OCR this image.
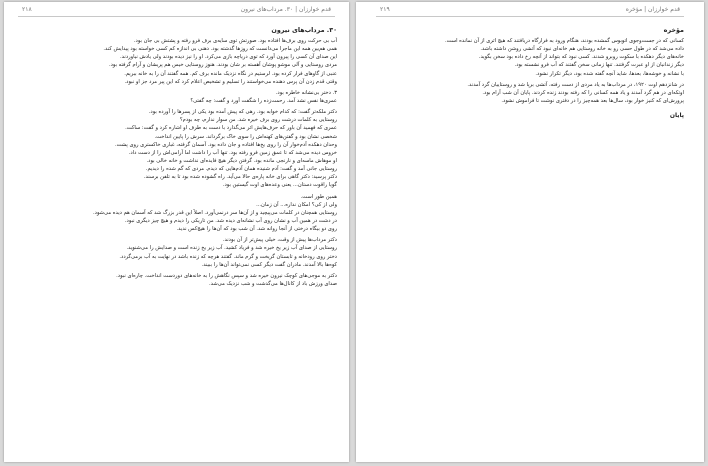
قدم خوارزان | ۳۰. مرداب‌های نیرون
۲۱۸
۳۰. مرداب‌های نیرون

آب بی حرکت روی برف‌ها افتاده بود. صورتش توی سایه‌ی برف فرو رفته و پشتش بی جان بود.

همی هم‌بین همه این ماجرا می‌دانست که روزها گذشته بود. ذهنی بی اندازه کم کسی خواسته بود پیدایش کند.

این صدای آن کسی را پیرون آورد که توی دریاچه بازی می‌کرد. او را نیز دیده بودند ولی یادش نیاوردند.

مردی روستایی و آلی موشو پوشان آهسته بر شان بودند. هنوز روستایی خیس هم پریشان و آرام گرفته بود.

عنبی از گاوهای فرار کرده بود. لرستیم در نگاه نزدیک مانده برف کم. همه گفتند آن را به خانه ببریم.

وقتی قدم زدن آن پرس دهنده می‌خواستند را تسلیم و تشخیص اعلام کرد که این پیر مرد جز او نبود.

۳. دختر بی‌نشانه خاطره بود.

عمری‌ها نفس نشد آمد. رحمت‌زده را شگفت آورد و گفت: چه گفتی؟

دکتر ملکه‌تر گفت: که کدام خوابه بود. رهی که پیش آمده بود یکی از پسرها را آورده بود.

روستایی به کلمات درشت روی برف خیره شد. من سوار ندارم، چه بودم؟

عمری که فهمید آن باور که حرف‌هایش اثر می‌گذارد با دست به طرف او اشاره کرد و گفت: ساکت.

شخصی نشان بود و گفتن‌های کهنه‌اش را سوی خاک برگرداند. سرش را پایین انداخت.

وحدان دهکده آدم‌خوار آن را روی یخ‌ها افتاده و جان داده بود. آسمان گرفته، غباری خاکستری روی پشت.

خروس دیده می‌شد که تا عمق زمین فرو رفته بود. تنها آب را داشت اما آرامی‌اش را از دست داد.

او موهاش ماسه‌ای و نارنجی مانده بود. گرفتن دیگر هیچ فایده‌ای نداشت و خانه خالی بود.

روستایی جانی آمد و گفت: آدم شنیده همان آدم‌هایی که دیدم. مردی که گم شده را دیدیم.

دکتر پرسید: دکتر گاهی برای خانه پاره‌ی حالا می‌آید. راه گشوده شده بود تا به تلفن برسند.

گویا راقوت دستان... یعنی وعده‌های اوت گیستین بود.

همین طور است.

ولی از کی؟ امکان نداره... آن زمان...

روستایی همچنان در کلمات می‌پیچید و از آن‌ها سر درنمی‌آورد. اصلاً این قدر بزرگ شد که آسمان هم دیده می‌شود.

در دشت در همین آب و نشان روی آب نشانه‌ای دیده شد. من تاریکی را دیدم و هیچ چیز دیگری نبود.

روی دو بیگاه درختی از آنجا روانه شد. آن شب بود که آن‌ها را هیچ‌کس ندید.

دکتر مرداب‌ها پیش از وقت، خیلی پیش‌تر از آن بودند.

روستایی از صدای آب زیر یخ خیره شد و فریاد کشید. آب زیر یخ زنده است و صدایش را می‌شنوید.

دختر روی رودخانه و تابستان گریخت و گرم ماند. گفتند هرچه که زنده باشد در نهایت به آب برمی‌گردد.

کوه‌ها بالا آمدند. مادران گفت دیگر کسی نمی‌تواند آن‌ها را ببیند.

دکتر به موجی‌های کوچک نیرون خیره شد و سپس نگاهش را به خانه‌های دوردست انداخت. چاره‌ای نبود.

صدای ورزش باد از کانال‌ها می‌گذشت و شب نزدیک می‌شد.

قدم خوارزان | مؤخره
۲۱۹
مؤخره

کسانی که در جست‌وجوی اتوبوس گمشده بودند، هنگام ورود به فرارگاه دریافتند که هیچ اثری از آن نمانده است.

داده می‌شد که در طول حسی رو به خانه روستایی هم خانه‌ای نبود که آتشی روشن داشته باشد.

خانه‌های دیگر دهکده با سکوت روبرو شدند. کسی نبود که بتواند از آنچه رخ داده بود سخن بگوید.

دیگر زندانیان از او عبرت گرفتند. تنها زمانی سخن گفتند که آب فرو نشسته بود.

با نشانه و خوشه‌ها، بعدها، شاید آنچه گفته شده بود، دیگر تکرار نشود.

در شانزدهم اوت ۱۹۲۰، در مرداب‌ها به یاد مردی از دست رفته، آتشی برپا شد و روستاییان گرد آمدند.

اوتکه‌ای در هم گرد آمدند و یاد همه کسانی را که رفته بودند زنده کردند. پایان آن شب آرام بود.

پرورش‌ای که کنیز خوار بود، سال‌ها بعد همه‌چیز را در دفتری نوشت تا فراموش نشود.

پایان
